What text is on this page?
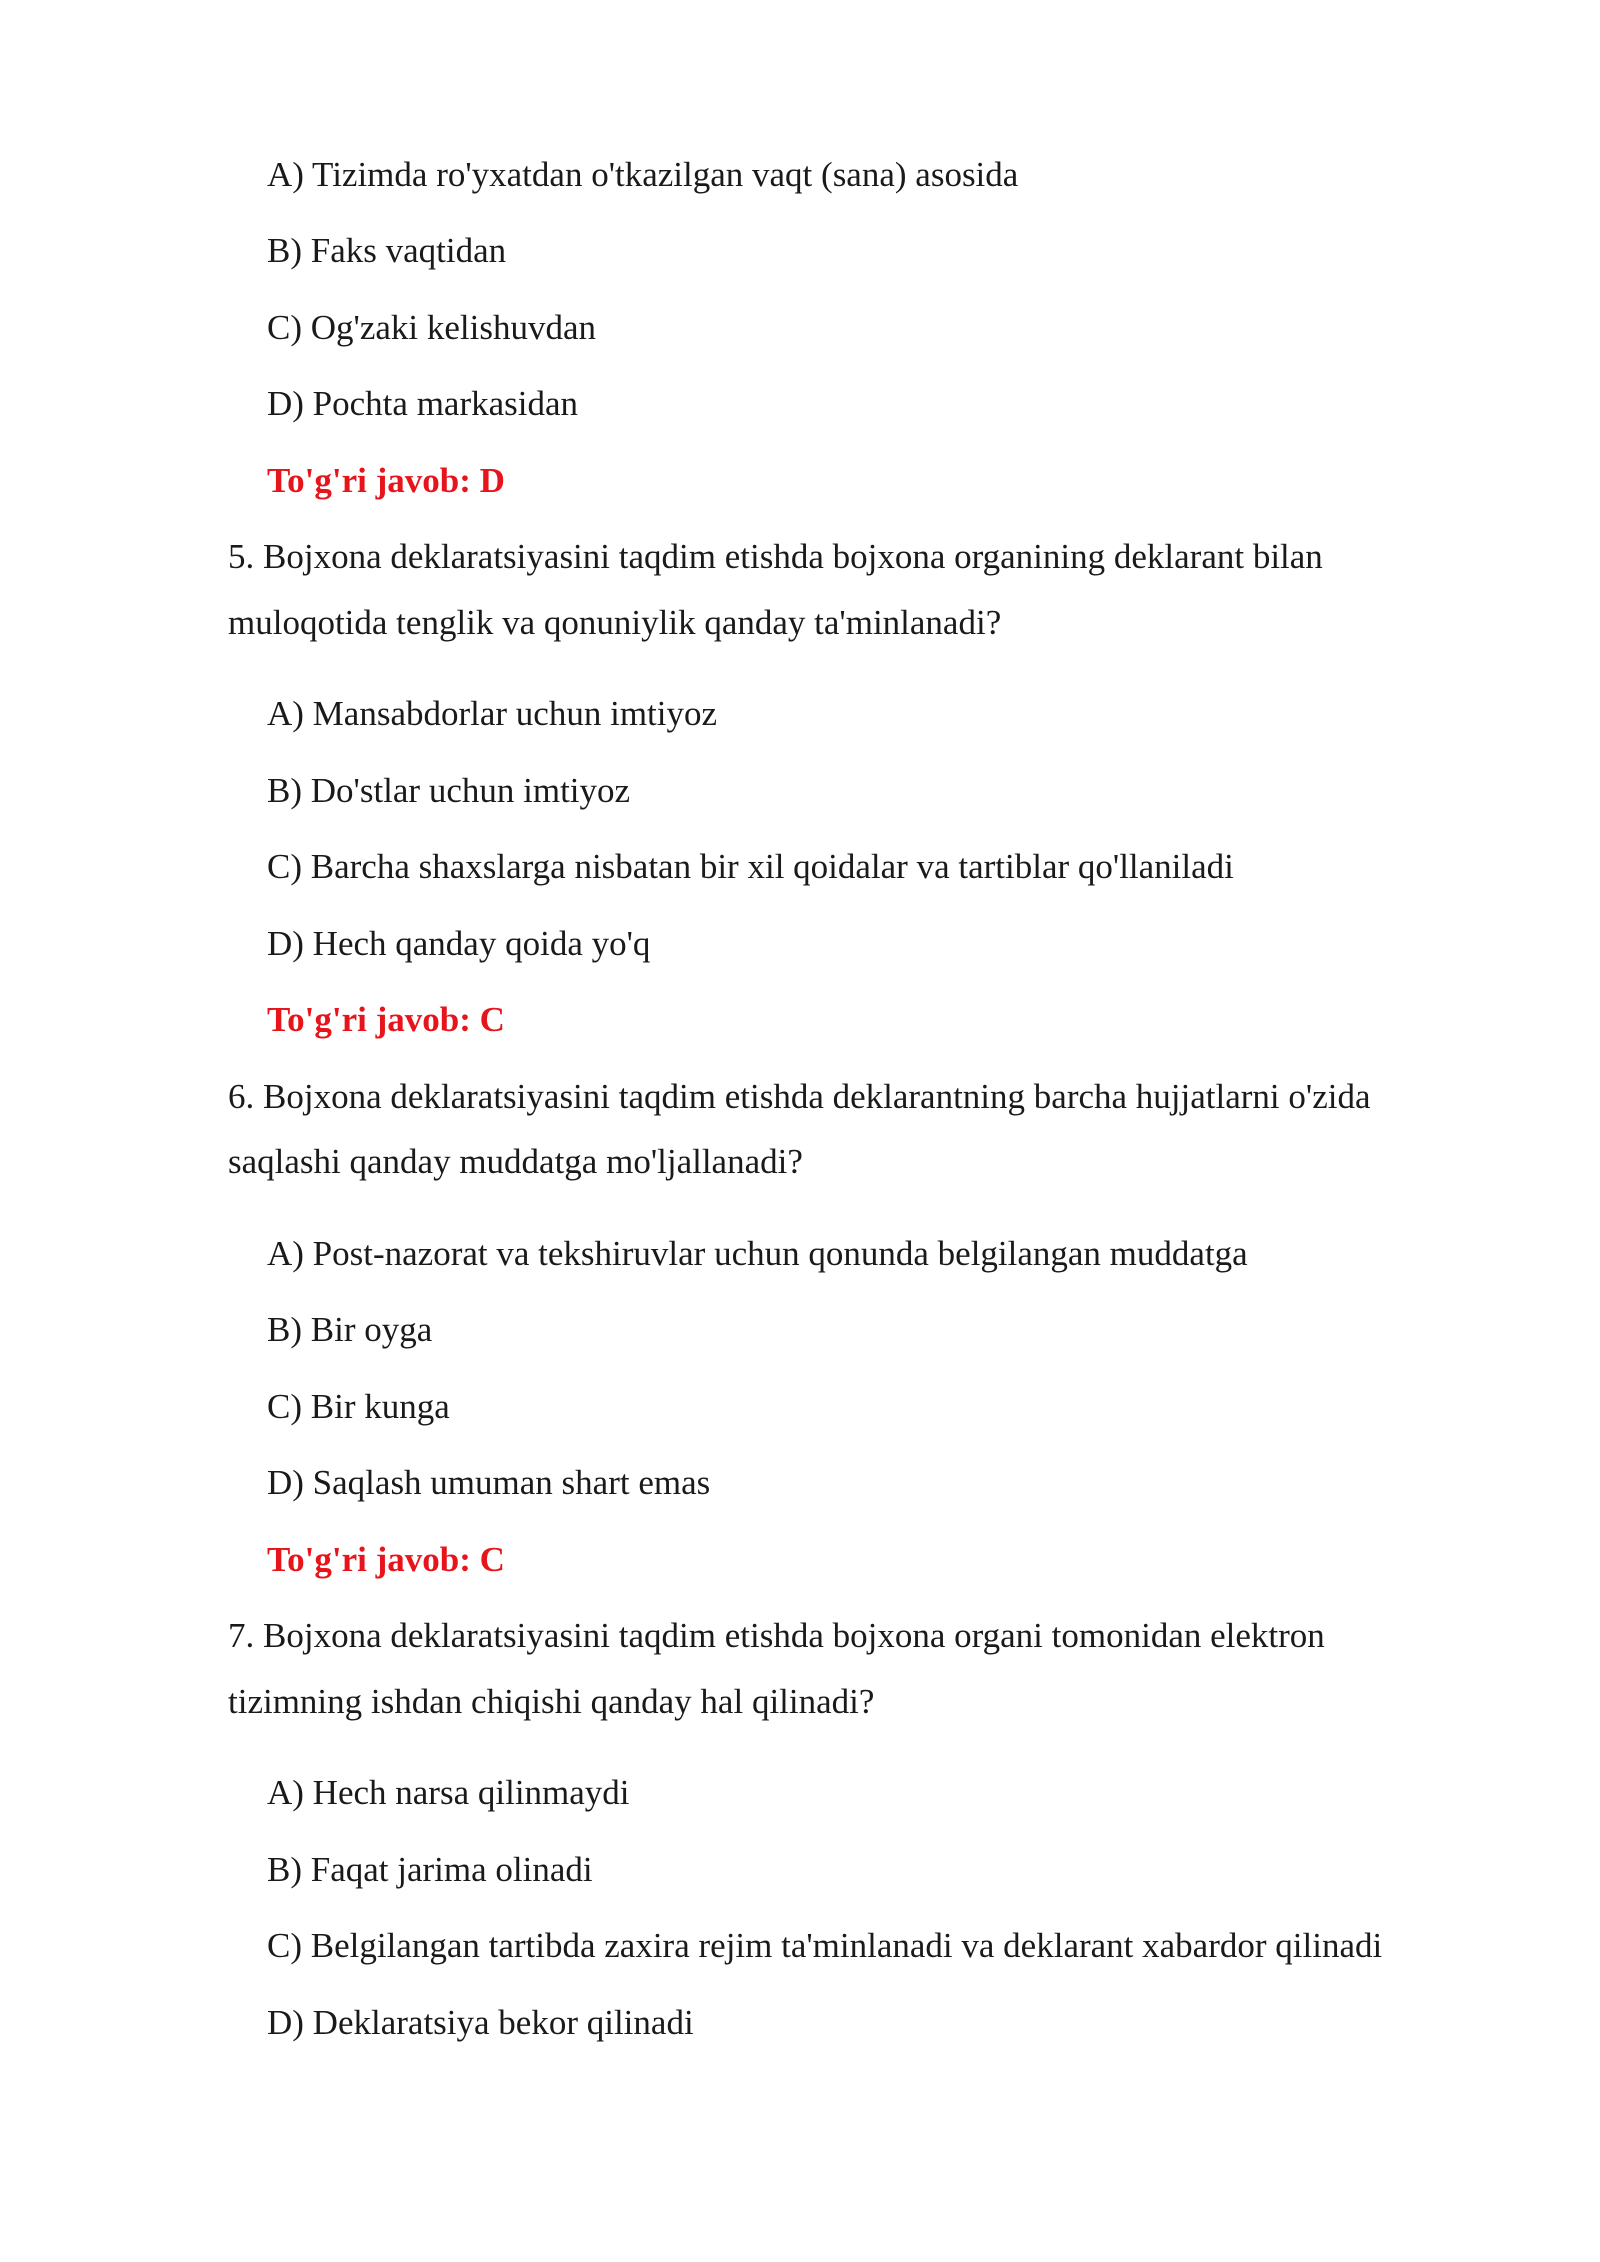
A) Tizimda ro'yxatdan o'tkazilgan vaqt (sana) asosida
B) Faks vaqtidan
C) Og'zaki kelishuvdan
D) Pochta markasidan
To'g'ri javob: D
5. Bojxona deklaratsiyasini taqdim etishda bojxona organining deklarant bilan
muloqotida tenglik va qonuniylik qanday ta'minlanadi?
A) Mansabdorlar uchun imtiyoz
B) Do'stlar uchun imtiyoz
C) Barcha shaxslarga nisbatan bir xil qoidalar va tartiblar qo'llaniladi
D) Hech qanday qoida yo'q
To'g'ri javob: C
6. Bojxona deklaratsiyasini taqdim etishda deklarantning barcha hujjatlarni o'zida
saqlashi qanday muddatga mo'ljallanadi?
A) Post-nazorat va tekshiruvlar uchun qonunda belgilangan muddatga
B) Bir oyga
C) Bir kunga
D) Saqlash umuman shart emas
To'g'ri javob: C
7. Bojxona deklaratsiyasini taqdim etishda bojxona organi tomonidan elektron
tizimning ishdan chiqishi qanday hal qilinadi?
A) Hech narsa qilinmaydi
B) Faqat jarima olinadi
C) Belgilangan tartibda zaxira rejim ta'minlanadi va deklarant xabardor qilinadi
D) Deklaratsiya bekor qilinadi
